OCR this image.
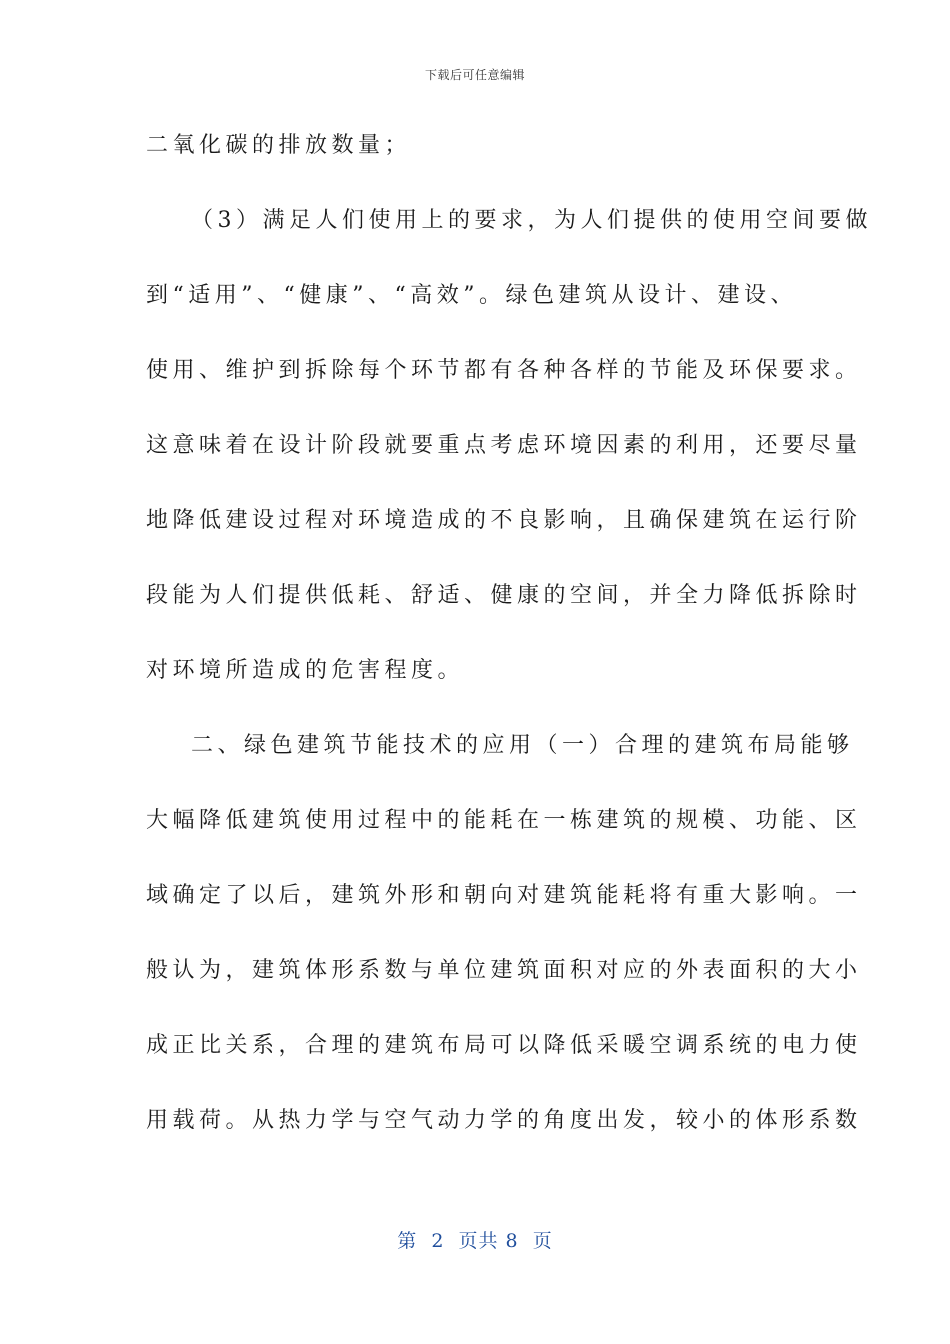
下载后可任意编辑
二氧化碳的排放数量；
（3）满足人们使用上的要求，为人们提供的使用空间要做
到“适用”、“健康”、“高效”。绿色建筑从设计、建设、
使用、维护到拆除每个环节都有各种各样的节能及环保要求。
这意味着在设计阶段就要重点考虑环境因素的利用，还要尽量
地降低建设过程对环境造成的不良影响，且确保建筑在运行阶
段能为人们提供低耗、舒适、健康的空间，并全力降低拆除时
对环境所造成的危害程度。
二、绿色建筑节能技术的应用（一）合理的建筑布局能够
大幅降低建筑使用过程中的能耗在一栋建筑的规模、功能、区
域确定了以后，建筑外形和朝向对建筑能耗将有重大影响。一
般认为，建筑体形系数与单位建筑面积对应的外表面积的大小
成正比关系，合理的建筑布局可以降低采暖空调系统的电力使
用载荷。从热力学与空气动力学的角度出发，较小的体形系数
第  2  页共 8  页
